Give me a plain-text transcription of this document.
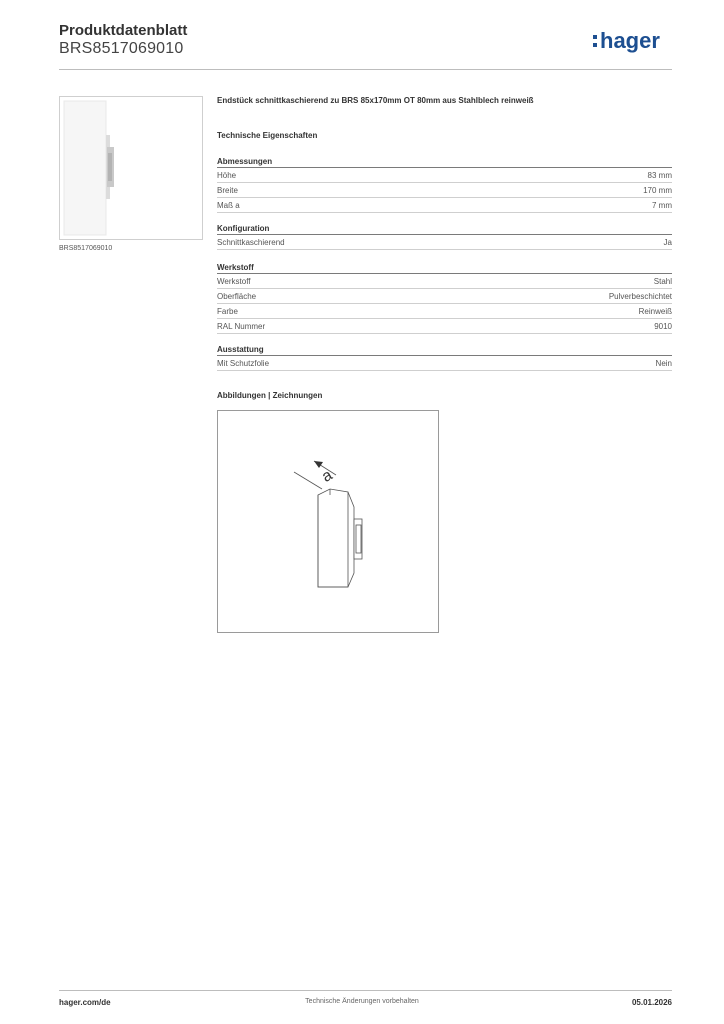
Produktdatenblatt
BRS8517069010	hager
BRS8517069010
Endstück schnittkaschierend zu BRS 85x170mm OT 80mm aus Stahlblech reinweiß
Technische Eigenschaften
Abmessungen
Höhe	83 mm
Breite	170 mm
Maß a	7 mm
Konfiguration
Schnittkaschierend	Ja
Werkstoff
Werkstoff	Stahl
Oberfläche	Pulverbeschichtet
Farbe	Reinweiß
RAL Nummer	9010
Ausstattung
Mit Schutzfolie	Nein
Abbildungen | Zeichnungen
a
hager.com/de	Technische Änderungen vorbehalten	05.01.2026
